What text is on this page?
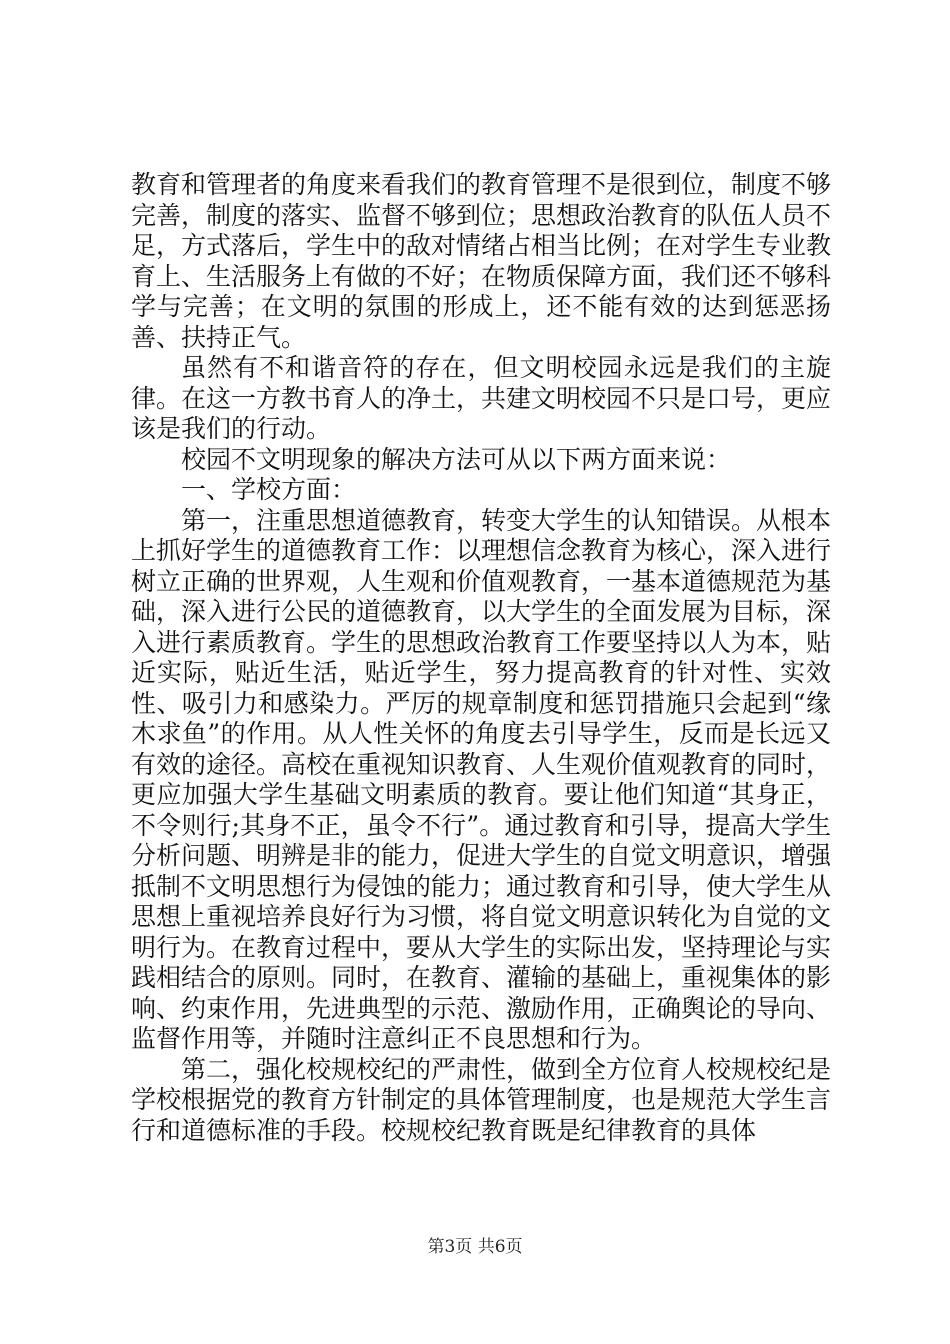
教育和管理者的角度来看我们的教育管理不是很到位，制度不够完善，制度的落实、监督不够到位；思想政治教育的队伍人员不足，方式落后，学生中的敌对情绪占相当比例；在对学生专业教育上、生活服务上有做的不好；在物质保障方面，我们还不够科学与完善；在文明的氛围的形成上，还不能有效的达到惩恶扬善、扶持正气。

虽然有不和谐音符的存在，但文明校园永远是我们的主旋律。在这一方教书育人的净土，共建文明校园不只是口号，更应该是我们的行动。

校园不文明现象的解决方法可从以下两方面来说：

一、学校方面：

第一，注重思想道德教育，转变大学生的认知错误。从根本上抓好学生的道德教育工作：以理想信念教育为核心，深入进行树立正确的世界观，人生观和价值观教育，一基本道德规范为基础，深入进行公民的道德教育，以大学生的全面发展为目标，深入进行素质教育。学生的思想政治教育工作要坚持以人为本，贴近实际，贴近生活，贴近学生，努力提高教育的针对性、实效性、吸引力和感染力。严厉的规章制度和惩罚措施只会起到“缘木求鱼”的作用。从人性关怀的角度去引导学生，反而是长远又有效的途径。高校在重视知识教育、人生观价值观教育的同时，更应加强大学生基础文明素质的教育。要让他们知道“其身正，不令则行;其身不正，虽令不行”。通过教育和引导，提高大学生分析问题、明辨是非的能力，促进大学生的自觉文明意识，增强抵制不文明思想行为侵蚀的能力；通过教育和引导，使大学生从思想上重视培养良好行为习惯，将自觉文明意识转化为自觉的文明行为。在教育过程中，要从大学生的实际出发，坚持理论与实践相结合的原则。同时，在教育、灌输的基础上，重视集体的影响、约束作用，先进典型的示范、激励作用，正确舆论的导向、监督作用等，并随时注意纠正不良思想和行为。

第二，强化校规校纪的严肃性，做到全方位育人校规校纪是学校根据党的教育方针制定的具体管理制度，也是规范大学生言行和道德标准的手段。校规校纪教育既是纪律教育的具体

第3页 共6页
